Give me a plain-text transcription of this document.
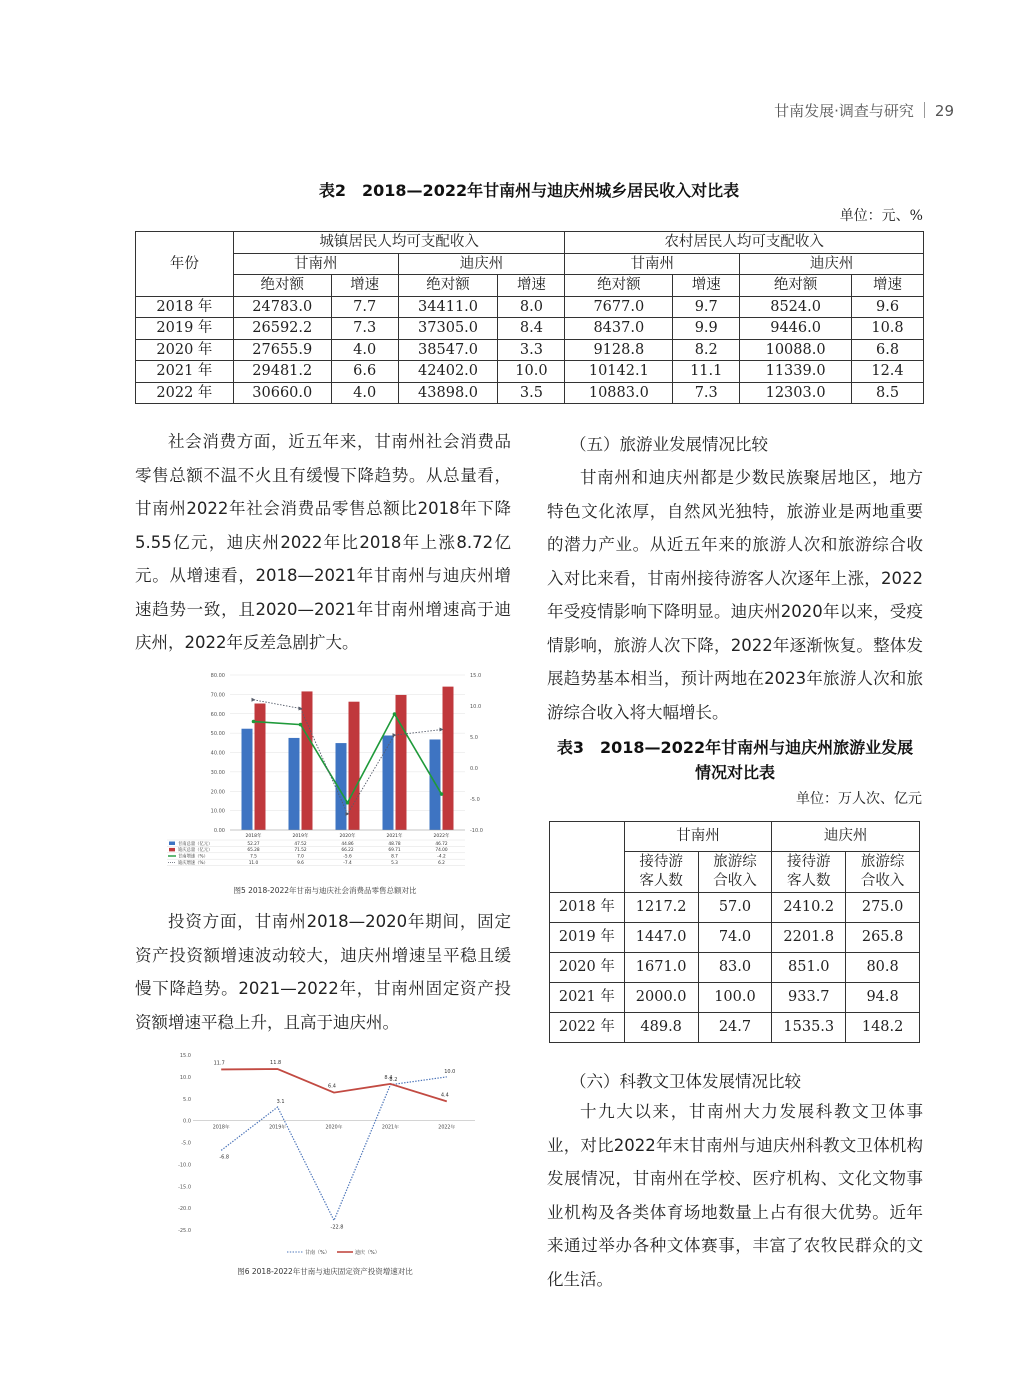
甘南发展·调查与研究 29
表2　2018—2022年甘南州与迪庆州城乡居民收入对比表
单位：元、%
年份	城镇居民人均可支配收入				农村居民人均可支配收入			
	甘南州		迪庆州		甘南州		迪庆州	
	绝对额	增速	绝对额	增速	绝对额	增速	绝对额	增速
2018 年	24783.0	7.7	34411.0	8.0	7677.0	9.7	8524.0	9.6
2019 年	26592.2	7.3	37305.0	8.4	8437.0	9.9	9446.0	10.8
2020 年	27655.9	4.0	38547.0	3.3	9128.8	8.2	10088.0	6.8
2021 年	29481.2	6.6	42402.0	10.0	10142.1	11.1	11339.0	12.4
2022 年	30660.0	4.0	43898.0	3.5	10883.0	7.3	12303.0	8.5

社会消费方面，近五年来，甘南州社会消费品零售总额不温不火且有缓慢下降趋势。从总量看，甘南州2022年社会消费品零售总额比2018年下降5.55亿元，迪庆州2022年比2018年上涨8.72亿元。从增速看，2018—2021年甘南州与迪庆州增速趋势一致，且2020—2021年甘南州增速高于迪庆州，2022年反差急剧扩大。

0.00
10.00
20.00
30.00
40.00
50.00
60.00
70.00
80.00
-10.0
-5.0
0.0
5.0
10.0
15.0
2018年	2019年	2020年	2021年	2022年
甘南总量（亿元）	52.27	47.52	44.86	48.78	46.72
迪庆总量（亿元）	65.28	71.52	66.22	69.71	74.00
甘南增速（%）	7.5	7.0	-5.6	8.7	-4.2
迪庆增速（%）	11.0	9.6	-7.4	5.3	6.2
图5 2018-2022年甘南与迪庆社会消费品零售总额对比

投资方面，甘南州2018—2020年期间，固定资产投资额增速波动较大，迪庆州增速呈平稳且缓慢下降趋势。2021—2022年，甘南州固定资产投资额增速平稳上升，且高于迪庆州。

-25.0
-20.0
-15.0
-10.0
-5.0
0.0
5.0
10.0
15.0
2018年	2019年	2020年	2021年	2022年
-6.8
3.1
-22.8
8.2
10.0
11.7	11.8
6.4
8.4
4.4
甘南（%）	迪庆（%）
图6 2018-2022年甘南与迪庆固定资产投资增速对比
（五）旅游业发展情况比较

甘南州和迪庆州都是少数民族聚居地区，地方特色文化浓厚，自然风光独特，旅游业是两地重要的潜力产业。从近五年来的旅游人次和旅游综合收入对比来看，甘南州接待游客人次逐年上涨，2022年受疫情影响下降明显。迪庆州2020年以来，受疫情影响，旅游人次下降，2022年逐渐恢复。整体发展趋势基本相当，预计两地在2023年旅游人次和旅游综合收入将大幅增长。

表3　2018—2022年甘南州与迪庆州旅游业发展
情况对比表
单位：万人次、亿元
	甘南州		迪庆州	
	接待游
客人数	旅游综
合收入	接待游
客人数	旅游综
合收入
2018 年	1217.2	57.0	2410.2	275.0
2019 年	1447.0	74.0	2201.8	265.8
2020 年	1671.0	83.0	851.0	80.8
2021 年	2000.0	100.0	933.7	94.8
2022 年	489.8	24.7	1535.3	148.2
（六）科教文卫体发展情况比较

十九大以来，甘南州大力发展科教文卫体事业，对比2022年末甘南州与迪庆州科教文卫体机构发展情况，甘南州在学校、医疗机构、文化文物事业机构及各类体育场地数量上占有很大优势。近年来通过举办各种文体赛事，丰富了农牧民群众的文化生活。
